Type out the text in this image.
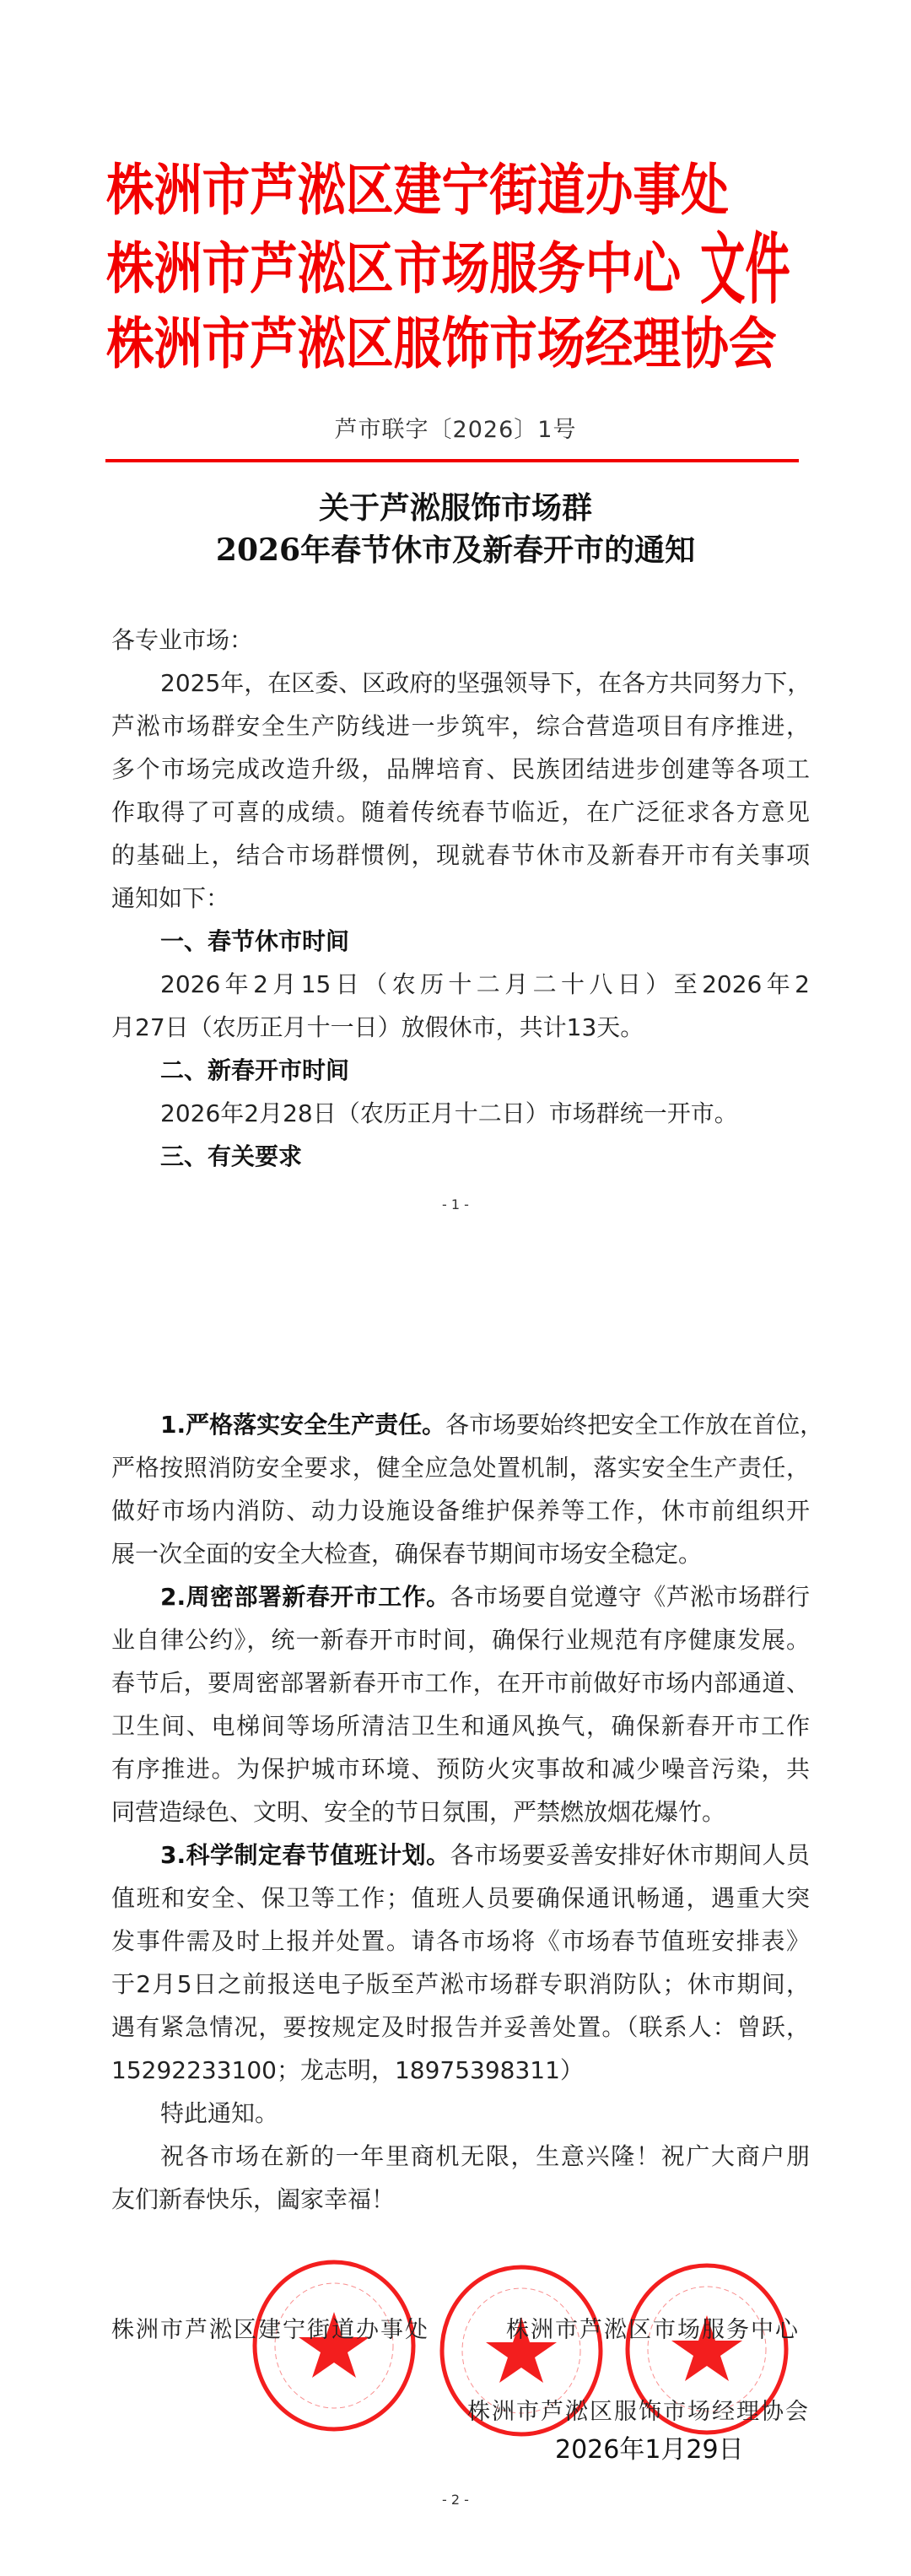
株洲市芦淞区建宁街道办事处
株洲市芦淞区市场服务中心
株洲市芦淞区服饰市场经理协会
文件
芦市联字〔2026〕1号
关于芦淞服饰市场群
2026年春节休市及新春开市的通知
各专业市场：
2025年，在区委、区政府的坚强领导下，在各方共同努力下，
芦淞市场群安全生产防线进一步筑牢，综合营造项目有序推进，
多个市场完成改造升级，品牌培育、民族团结进步创建等各项工
作取得了可喜的成绩。随着传统春节临近，在广泛征求各方意见
的基础上，结合市场群惯例，现就春节休市及新春开市有关事项
通知如下：
一、春节休市时间
2026年2月15日（农历十二月二十八日）至2026年2
月27日（农历正月十一日）放假休市，共计13天。
二、新春开市时间
2026年2月28日（农历正月十二日）市场群统一开市。
三、有关要求
- 1 -
1.严格落实安全生产责任。各市场要始终把安全工作放在首位，
严格按照消防安全要求，健全应急处置机制，落实安全生产责任，
做好市场内消防、动力设施设备维护保养等工作，休市前组织开
展一次全面的安全大检查，确保春节期间市场安全稳定。
2.周密部署新春开市工作。各市场要自觉遵守《芦淞市场群行
业自律公约》，统一新春开市时间，确保行业规范有序健康发展。
春节后，要周密部署新春开市工作，在开市前做好市场内部通道、
卫生间、电梯间等场所清洁卫生和通风换气，确保新春开市工作
有序推进。为保护城市环境、预防火灾事故和减少噪音污染，共
同营造绿色、文明、安全的节日氛围，严禁燃放烟花爆竹。
3.科学制定春节值班计划。各市场要妥善安排好休市期间人员
值班和安全、保卫等工作；值班人员要确保通讯畅通，遇重大突
发事件需及时上报并处置。请各市场将《市场春节值班安排表》
于2月5日之前报送电子版至芦淞市场群专职消防队；休市期间，
遇有紧急情况，要按规定及时报告并妥善处置。（联系人：曾跃，
15292233100；龙志明，18975398311）
特此通知。
祝各市场在新的一年里商机无限，生意兴隆！祝广大商户朋
友们新春快乐，阖家幸福！
株洲市芦淞区建宁街道办事处	株洲市芦淞区市场服务中心
株洲市芦淞区服饰市场经理协会
2026年1月29日
- 2 -
